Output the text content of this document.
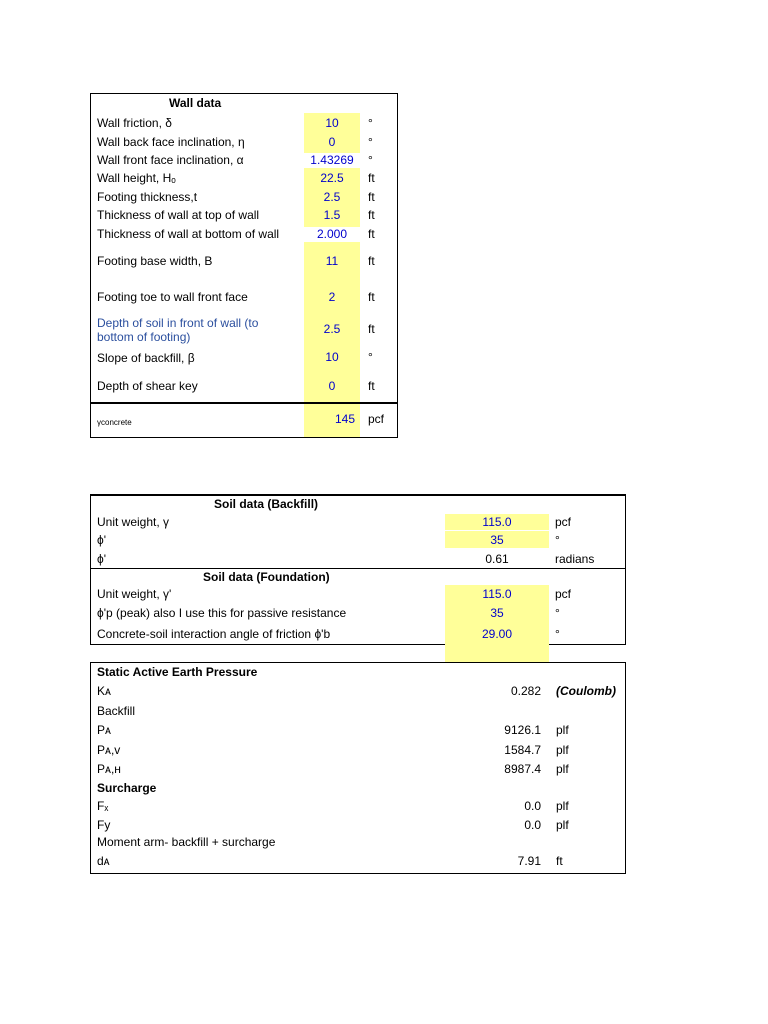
Wall data
Wall friction, δ	10	°
Wall back face inclination, η	0	°
Wall front face inclination, α	1.43269	°
Wall height, Hₒ	22.5	ft
Footing thickness,t	2.5	ft
Thickness of wall at top of wall	1.5	ft
Thickness of wall at bottom of wall	2.000	ft
Footing base width, B	11	ft
Footing toe to wall front face	2	ft
Depth of soil in front of wall (to
bottom of footing)
2.5	ft
Slope of backfill, β	10	°
Depth of shear key	0	ft
γconcrete	145 pcf
Soil data (Backfill)
Unit weight, γ	115.0	pcf
ϕ'	35	°
ϕ'	0.61	radians
Soil data (Foundation)
Unit weight, γ'	115.0	pcf
ϕ'p (peak) also I use this for passive resistance	35	°
Concrete-soil interaction angle of friction ϕ'b	29.00	°
Static Active Earth Pressure
Kᴀ	0.282 (Coulomb)
Backfill
Pᴀ	9126.1 plf
Pᴀ,ᴠ	1584.7 plf
Pᴀ,ʜ	8987.4 plf
Surcharge
Fₓ	0.0 plf
Fy	0.0 plf
Moment arm- backfill + surcharge
dᴀ	7.91 ft
